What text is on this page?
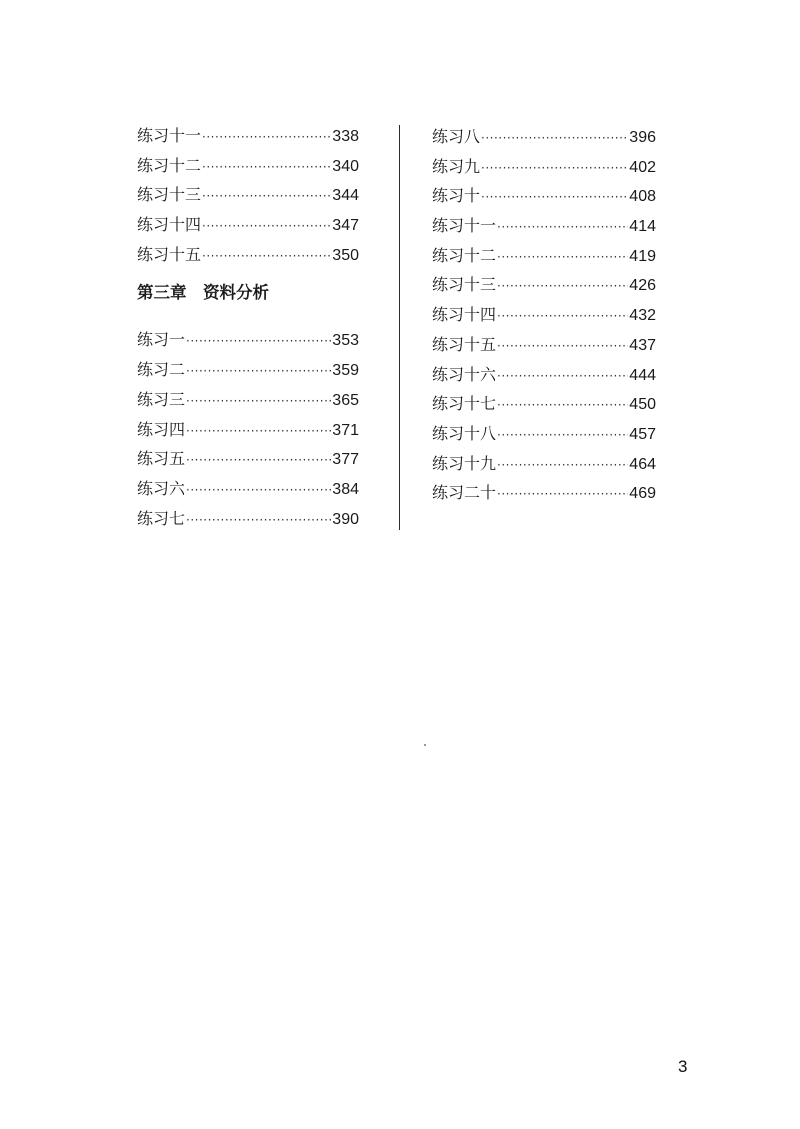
练习十一 ·····	338
练习十二 ·····	340
练习十三 ·····	344
练习十四 ·····	347
练习十五 ·····	350
第三章　资料分析
练习一 ·····	353
练习二 ·····	359
练习三 ·····	365
练习四 ·····	371
练习五 ·····	377
练习六 ·····	384
练习七 ·····	390
练习八 ·····	396
练习九 ·····	402
练习十 ·····	408
练习十一 ·····	414
练习十二 ·····	419
练习十三 ·····	426
练习十四 ·····	432
练习十五 ·····	437
练习十六 ·····	444
练习十七 ·····	450
练习十八 ·····	457
练习十九 ·····	464
练习二十 ·····	469
3
